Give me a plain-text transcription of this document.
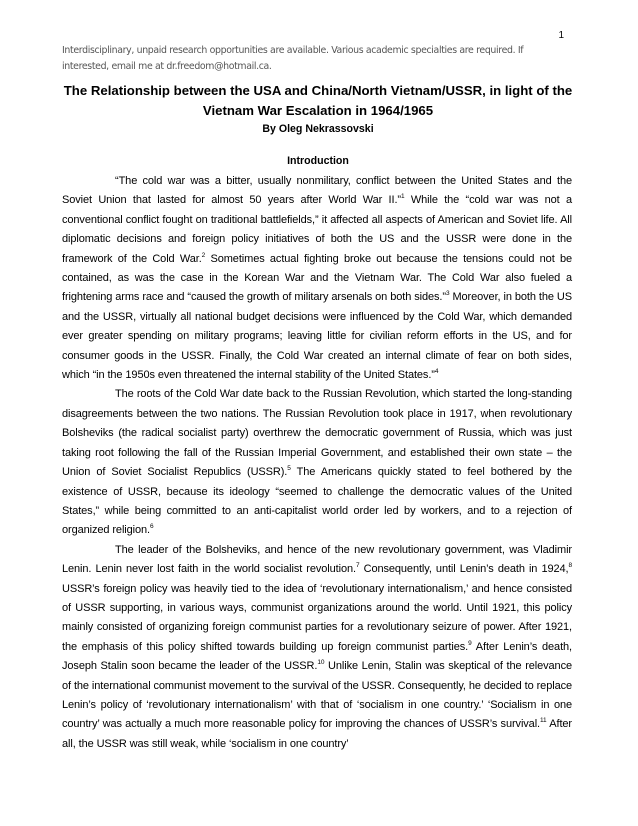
1
Interdisciplinary, unpaid research opportunities are available. Various academic specialties are required. If interested, email me at dr.freedom@hotmail.ca.
The Relationship between the USA and China/North Vietnam/USSR, in light of the Vietnam War Escalation in 1964/1965
By Oleg Nekrassovski
Introduction

“The cold war was a bitter, usually nonmilitary, conflict between the United States and the Soviet Union that lasted for almost 50 years after World War II.”$^1$ While the “cold war was not a conventional conflict fought on traditional battlefields,” it affected all aspects of American and Soviet life. All diplomatic decisions and foreign policy initiatives of both the US and the USSR were done in the framework of the Cold War.$^2$ Sometimes actual fighting broke out because the tensions could not be contained, as was the case in the Korean War and the Vietnam War. The Cold War also fueled a frightening arms race and “caused the growth of military arsenals on both sides.”$^3$ Moreover, in both the US and the USSR, virtually all national budget decisions were influenced by the Cold War, which demanded ever greater spending on military programs; leaving little for civilian reform efforts in the US, and for consumer goods in the USSR. Finally, the Cold War created an internal climate of fear on both sides, which “in the 1950s even threatened the internal stability of the United States.”$^4$

The roots of the Cold War date back to the Russian Revolution, which started the long-standing disagreements between the two nations. The Russian Revolution took place in 1917, when revolutionary Bolsheviks (the radical socialist party) overthrew the democratic government of Russia, which was just taking root following the fall of the Russian Imperial Government, and established their own state – the Union of Soviet Socialist Republics (USSR).$^5$ The Americans quickly stated to feel bothered by the existence of USSR, because its ideology “seemed to challenge the democratic values of the United States,” while being committed to an anti-capitalist world order led by workers, and to a rejection of organized religion.$^6$

The leader of the Bolsheviks, and hence of the new revolutionary government, was Vladimir Lenin. Lenin never lost faith in the world socialist revolution.$^7$ Consequently, until Lenin’s death in 1924,$^8$ USSR’s foreign policy was heavily tied to the idea of ‘revolutionary internationalism,’ and hence consisted of USSR supporting, in various ways, communist organizations around the world. Until 1921, this policy mainly consisted of organizing foreign communist parties for a revolutionary seizure of power. After 1921, the emphasis of this policy shifted towards building up foreign communist parties.$^9$ After Lenin’s death, Joseph Stalin soon became the leader of the USSR.$^{10}$ Unlike Lenin, Stalin was skeptical of the relevance of the international communist movement to the survival of the USSR. Consequently, he decided to replace Lenin’s policy of ‘revolutionary internationalism’ with that of ‘socialism in one country.’ ‘Socialism in one country’ was actually a much more reasonable policy for improving the chances of USSR’s survival.$^{11}$ After all, the USSR was still weak, while ‘socialism in one country’
